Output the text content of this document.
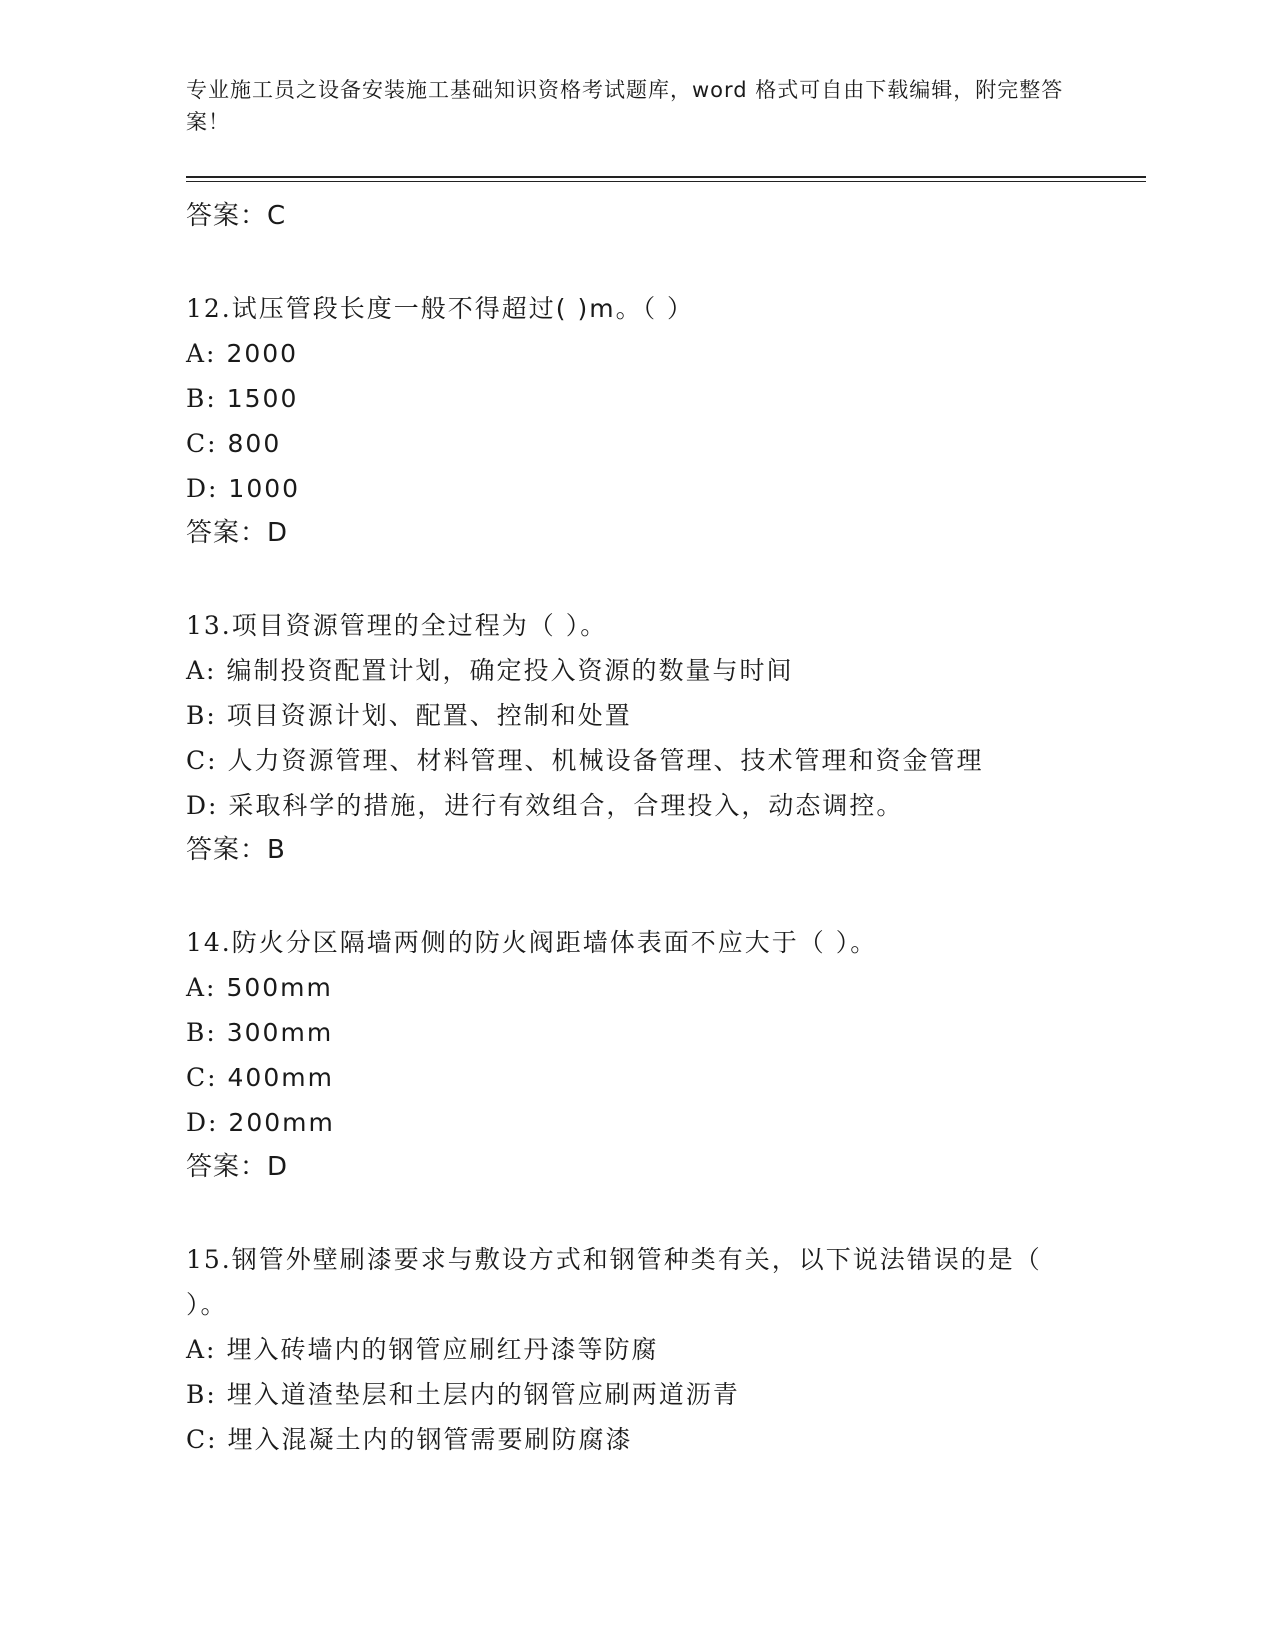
专业施工员之设备安装施工基础知识资格考试题库，word 格式可自由下载编辑，附完整答案！
答案：C
12.试压管段长度一般不得超过( )m。（ ）
A: 2000
B: 1500
C: 800
D: 1000
答案：D
13.项目资源管理的全过程为（ ）。
A: 编制投资配置计划，确定投入资源的数量与时间
B: 项目资源计划、配置、控制和处置
C: 人力资源管理、材料管理、机械设备管理、技术管理和资金管理
D: 采取科学的措施，进行有效组合，合理投入，动态调控。
答案：B
14.防火分区隔墙两侧的防火阀距墙体表面不应大于（ ）。
A: 500mm
B: 300mm
C: 400mm
D: 200mm
答案：D
15.钢管外壁刷漆要求与敷设方式和钢管种类有关，以下说法错误的是（ ）。
A: 埋入砖墙内的钢管应刷红丹漆等防腐
B: 埋入道渣垫层和土层内的钢管应刷两道沥青
C: 埋入混凝土内的钢管需要刷防腐漆
